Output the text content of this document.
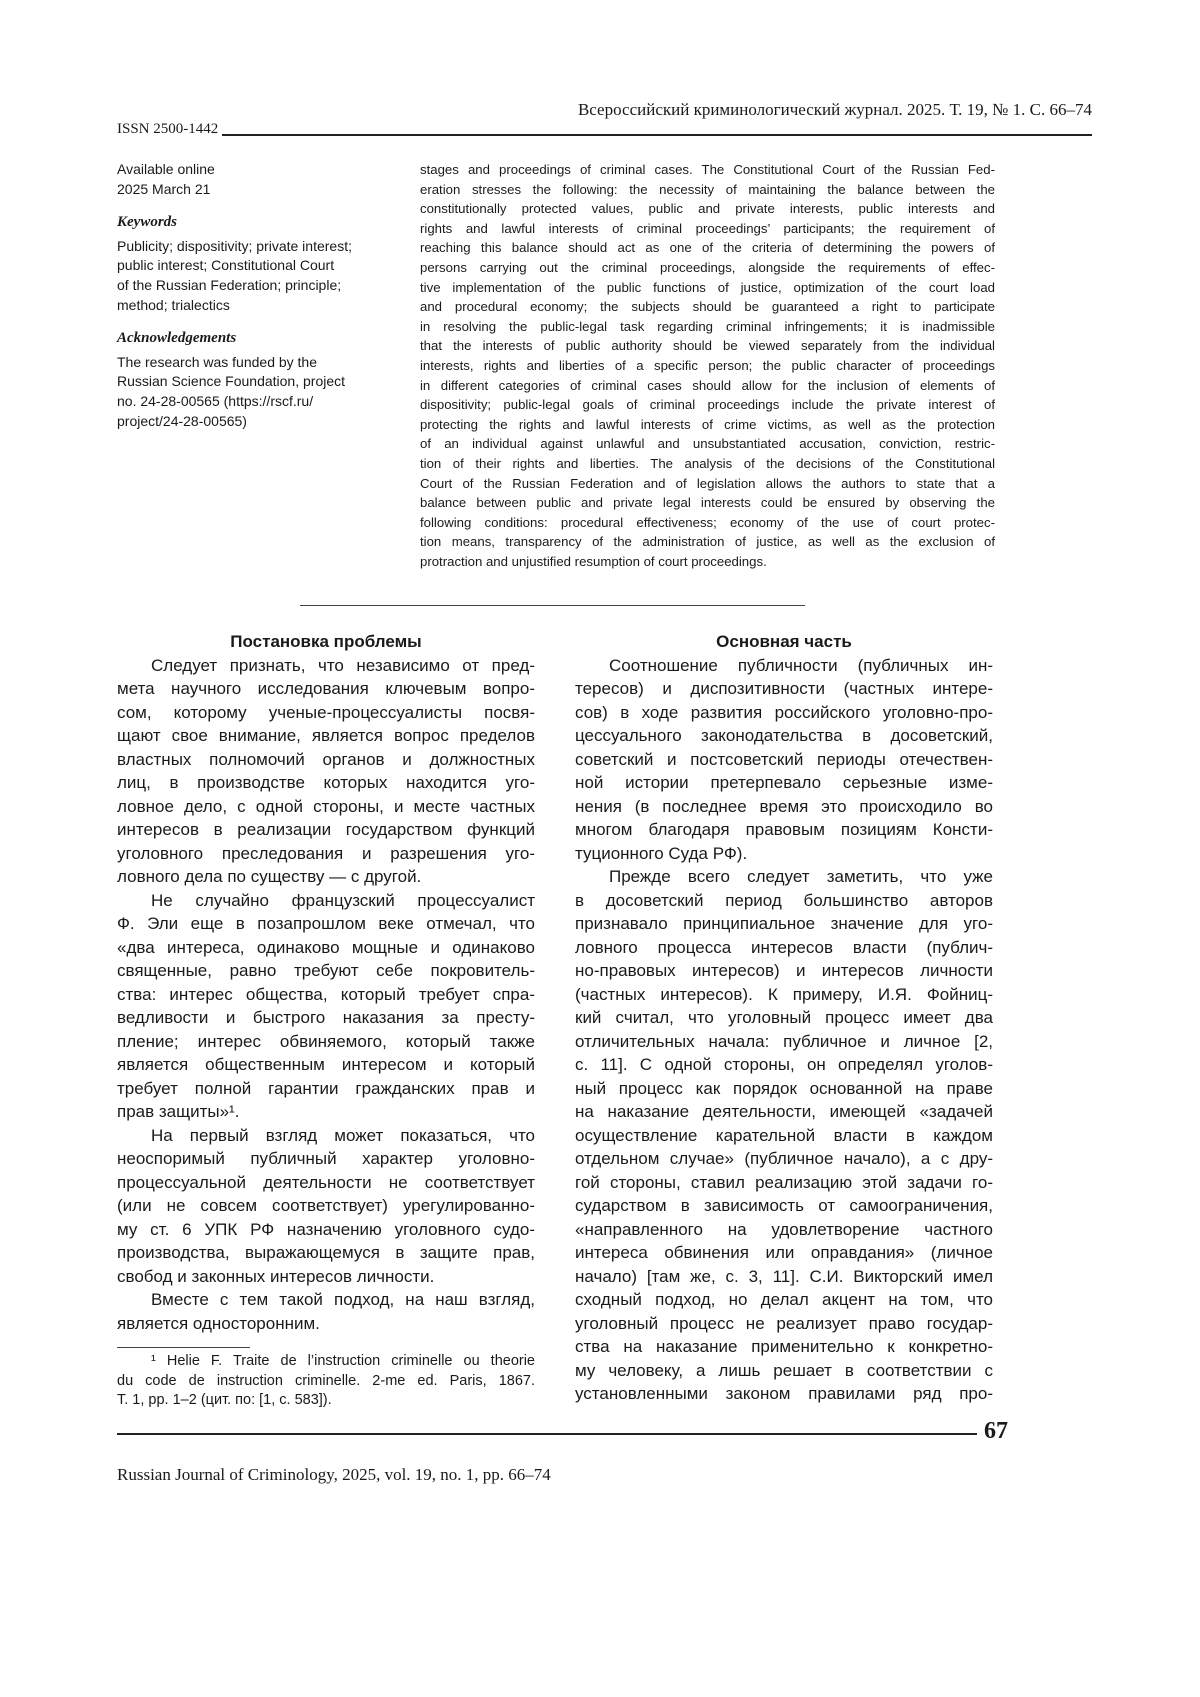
Всероссийский криминологический журнал. 2025. Т. 19, № 1. С. 66–74
ISSN 2500-1442
Available online
2025 March 21
Keywords
Publicity; dispositivity; private interest;
public interest; Constitutional Court
of the Russian Federation; principle;
method; trialectics
Acknowledgements
The research was funded by the
Russian Science Foundation, project
no. 24-28-00565 (https://rscf.ru/
project/24-28-00565)
stages and proceedings of criminal cases. The Constitutional Court of the Russian Fed-
eration stresses the following: the necessity of maintaining the balance between the
constitutionally protected values, public and private interests, public interests and
rights and lawful interests of criminal proceedings’ participants; the requirement of
reaching this balance should act as one of the criteria of determining the powers of
persons carrying out the criminal proceedings, alongside the requirements of effec-
tive implementation of the public functions of justice, optimization of the court load
and procedural economy; the subjects should be guaranteed a right to participate
in resolving the public-legal task regarding criminal infringements; it is inadmissible
that the interests of public authority should be viewed separately from the individual
interests, rights and liberties of a specific person; the public character of proceedings
in different categories of criminal cases should allow for the inclusion of elements of
dispositivity; public-legal goals of criminal proceedings include the private interest of
protecting the rights and lawful interests of crime victims, as well as the protection
of an individual against unlawful and unsubstantiated accusation, conviction, restric-
tion of their rights and liberties. The analysis of the decisions of the Constitutional
Court of the Russian Federation and of legislation allows the authors to state that a
balance between public and private legal interests could be ensured by observing the
following conditions: procedural effectiveness; economy of the use of court protec-
tion means, transparency of the administration of justice, as well as the exclusion of
protraction and unjustified resumption of court proceedings.
Постановка проблемы
Следует признать, что независимо от пред-
мета научного исследования ключевым вопро-
сом, которому ученые-процессуалисты посвя-
щают свое внимание, является вопрос пределов
властных полномочий органов и должностных
лиц, в производстве которых находится уго-
ловное дело, с одной стороны, и месте частных
интересов в реализации государством функций
уголовного преследования и разрешения уго-
ловного дела по существу — с другой.
Не случайно французский процессуалист
Ф. Эли еще в позапрошлом веке отмечал, что
«два интереса, одинаково мощные и одинаково
священные, равно требуют себе покровитель-
ства: интерес общества, который требует спра-
ведливости и быстрого наказания за престу-
пление; интерес обвиняемого, который также
является общественным интересом и который
требует полной гарантии гражданских прав и
прав защиты»¹.
На первый взгляд может показаться, что
неоспоримый публичный характер уголовно-
процессуальной деятельности не соответствует
(или не совсем соответствует) урегулированно-
му ст. 6 УПК РФ назначению уголовного судо-
производства, выражающемуся в защите прав,
свобод и законных интересов личности.
Вместе с тем такой подход, на наш взгляд,
является односторонним.
Основная часть
Соотношение публичности (публичных ин-
тересов) и диспозитивности (частных интере-
сов) в ходе развития российского уголовно-про-
цессуального законодательства в досоветский,
советский и постсоветский периоды отечествен-
ной истории претерпевало серьезные изме-
нения (в последнее время это происходило во
многом благодаря правовым позициям Консти-
туционного Суда РФ).
Прежде всего следует заметить, что уже
в досоветский период большинство авторов
признавало принципиальное значение для уго-
ловного процесса интересов власти (публич-
но-правовых интересов) и интересов личности
(частных интересов). К примеру, И.Я. Фойниц-
кий считал, что уголовный процесс имеет два
отличительных начала: публичное и личное [2,
с. 11]. С одной стороны, он определял уголов-
ный процесс как порядок основанной на праве
на наказание деятельности, имеющей «задачей
осуществление карательной власти в каждом
отдельном случае» (публичное начало), а с дру-
гой стороны, ставил реализацию этой задачи го-
сударством в зависимость от самоограничения,
«направленного на удовлетворение частного
интереса обвинения или оправдания» (личное
начало) [там же, с. 3, 11]. С.И. Викторский имел
сходный подход, но делал акцент на том, что
уголовный процесс не реализует право государ-
ства на наказание применительно к конкретно-
му человеку, а лишь решает в соответствии с
установленными законом правилами ряд про-
¹ Helie F. Traite de l’instruction criminelle ou theorie
du code de instruction criminelle. 2-me ed. Paris, 1867.
T. 1, pp. 1–2 (цит. по: [1, с. 583]).
67
Russian Journal of Criminology, 2025, vol. 19, no. 1, pp. 66–74
